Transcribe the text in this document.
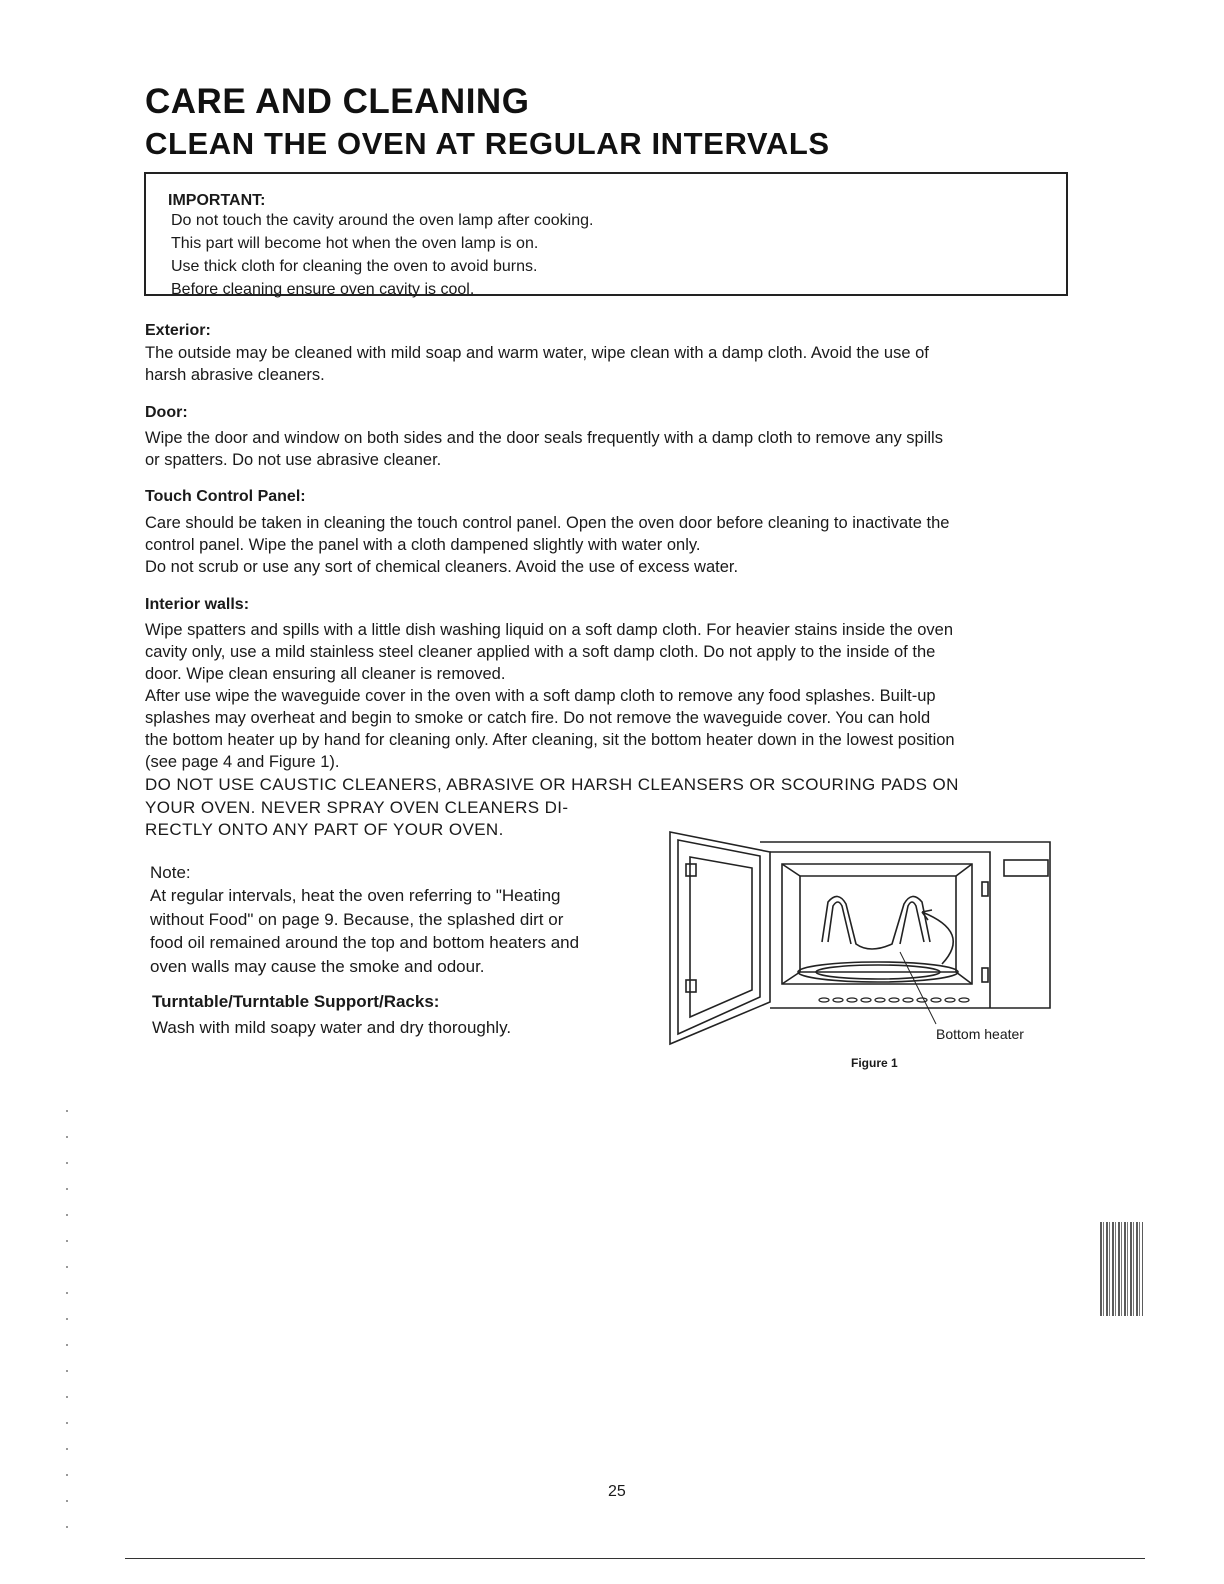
CARE AND CLEANING
CLEAN THE OVEN AT REGULAR INTERVALS
IMPORTANT:
Do not touch the cavity around the oven lamp after cooking.
This part will become hot when the oven lamp is on.
Use thick cloth for cleaning the oven to avoid burns.
Before cleaning ensure oven cavity is cool.
Exterior:
The outside may be cleaned with mild soap and warm water, wipe clean with a damp cloth. Avoid the use of
harsh abrasive cleaners.
Door:
Wipe the door and window on both sides and the door seals frequently with a damp cloth to remove any spills
or spatters. Do not use abrasive cleaner.
Touch Control Panel:
Care should be taken in cleaning the touch control panel. Open the oven door before cleaning to inactivate the
control panel. Wipe the panel with a cloth dampened slightly with water only.
Do not scrub or use any sort of chemical cleaners. Avoid the use of excess water.
Interior walls:
Wipe spatters and spills with a little dish washing liquid on a soft damp cloth. For heavier stains inside the oven
cavity only, use a mild stainless steel cleaner applied with a soft damp cloth. Do not apply to the inside of the
door. Wipe clean ensuring all cleaner is removed.
After use wipe the waveguide cover in the oven with a soft damp cloth to remove any food splashes. Built-up
splashes may overheat and begin to smoke or catch fire. Do not remove the waveguide cover. You can hold
the bottom heater up by hand for cleaning only. After cleaning, sit the bottom heater down in the lowest position
(see page 4 and Figure 1).
DO NOT USE CAUSTIC CLEANERS, ABRASIVE OR HARSH CLEANSERS OR SCOURING PADS ON
YOUR OVEN. NEVER SPRAY OVEN CLEANERS DI-
RECTLY ONTO ANY PART OF YOUR OVEN.
Note:
At regular intervals, heat the oven referring to "Heating
without Food" on page 9. Because, the splashed dirt or
food oil remained around the top and bottom heaters and
oven walls may cause the smoke and odour.
Turntable/Turntable Support/Racks:
Wash with mild soapy water and dry thoroughly.	Bottom heater
Figure 1
25
